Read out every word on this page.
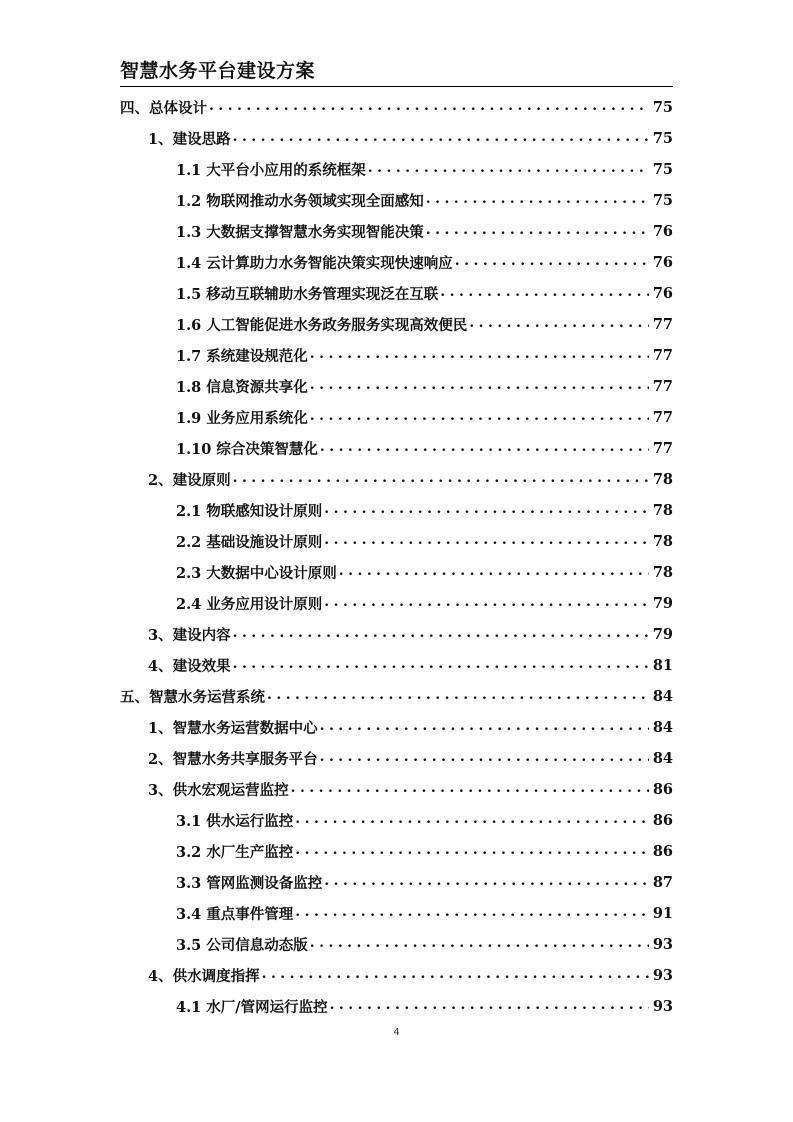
智慧水务平台建设方案
四、总体设计 . . .	75
1、建设思路 . . .	75
1.1 大平台小应用的系统框架 . . .	75
1.2 物联网推动水务领域实现全面感知 . . .	75
1.3 大数据支撑智慧水务实现智能决策 . . .	76
1.4 云计算助力水务智能决策实现快速响应 . . .	76
1.5 移动互联辅助水务管理实现泛在互联 . . .	76
1.6 人工智能促进水务政务服务实现高效便民 . . .	77
1.7 系统建设规范化 . . .	77
1.8 信息资源共享化 . . .	77
1.9 业务应用系统化 . . .	77
1.10 综合决策智慧化 . . .	77
2、建设原则 . . .	78
2.1 物联感知设计原则 . . .	78
2.2 基础设施设计原则 . . .	78
2.3 大数据中心设计原则 . . .	78
2.4 业务应用设计原则 . . .	79
3、建设内容 . . .	79
4、建设效果 . . .	81
五、智慧水务运营系统 . . .	84
1、智慧水务运营数据中心 . . .	84
2、智慧水务共享服务平台 . . .	84
3、供水宏观运营监控 . . .	86
3.1 供水运行监控 . . .	86
3.2 水厂生产监控 . . .	86
3.3 管网监测设备监控 . . .	87
3.4 重点事件管理 . . .	91
3.5 公司信息动态版 . . .	93
4、供水调度指挥 . . .	93
4.1 水厂/管网运行监控 . . .	93
4
